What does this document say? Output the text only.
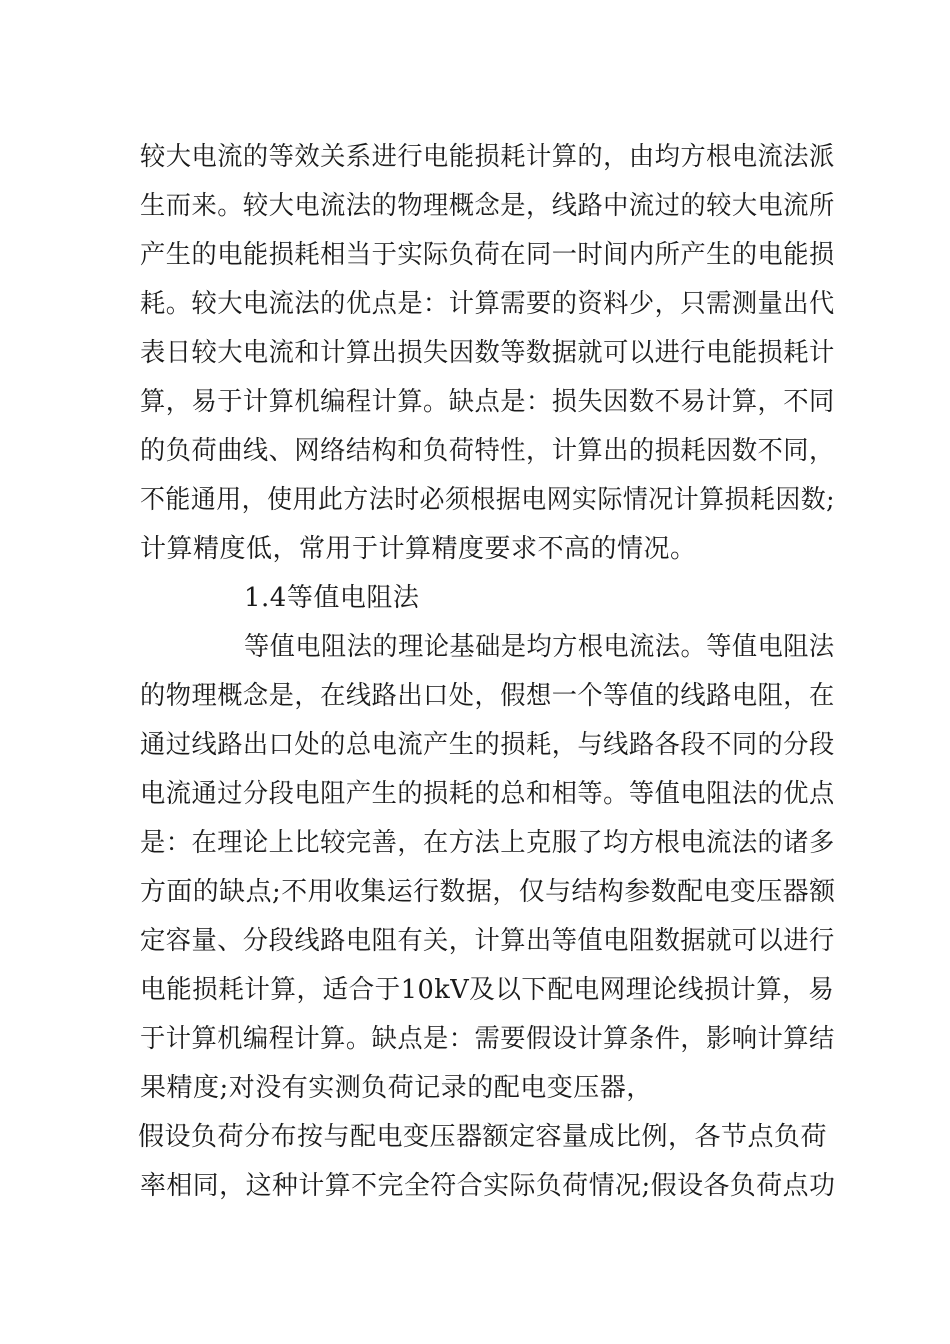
较大电流的等效关系进行电能损耗计算的，由均方根电流法派
生而来。较大电流法的物理概念是，线路中流过的较大电流所
产生的电能损耗相当于实际负荷在同一时间内所产生的电能损
耗。较大电流法的优点是：计算需要的资料少，只需测量出代
表日较大电流和计算出损失因数等数据就可以进行电能损耗计
算，易于计算机编程计算。缺点是：损失因数不易计算，不同
的负荷曲线、网络结构和负荷特性，计算出的损耗因数不同，
不能通用，使用此方法时必须根据电网实际情况计算损耗因数;
计算精度低，常用于计算精度要求不高的情况。
1.4等值电阻法
等值电阻法的理论基础是均方根电流法。等值电阻法
的物理概念是，在线路出口处，假想一个等值的线路电阻，在
通过线路出口处的总电流产生的损耗，与线路各段不同的分段
电流通过分段电阻产生的损耗的总和相等。等值电阻法的优点
是：在理论上比较完善，在方法上克服了均方根电流法的诸多
方面的缺点;不用收集运行数据，仅与结构参数配电变压器额
定容量、分段线路电阻有关，计算出等值电阻数据就可以进行
电能损耗计算，适合于10kV及以下配电网理论线损计算，易
于计算机编程计算。缺点是：需要假设计算条件，影响计算结
果精度;对没有实测负荷记录的配电变压器，
假设负荷分布按与配电变压器额定容量成比例，各节点负荷
率相同，这种计算不完全符合实际负荷情况;假设各负荷点功
